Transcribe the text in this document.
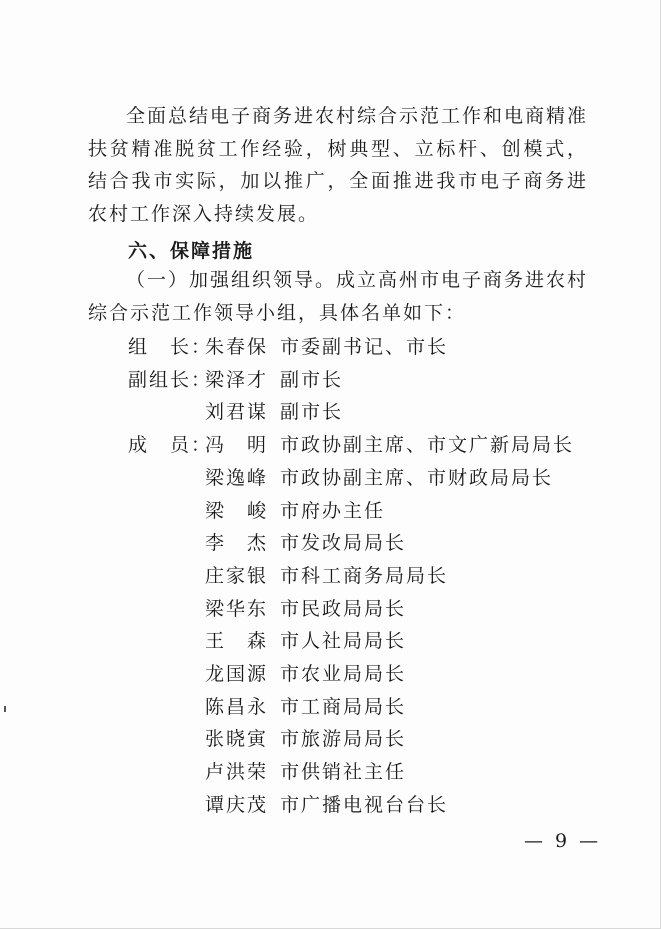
全面总结电子商务进农村综合示范工作和电商精准扶贫精准脱贫工作经验，树典型、立标杆、创模式，结合我市实际，加以推广，全面推进我市电子商务进农村工作深入持续发展。

六、保障措施

（一）加强组织领导。成立高州市电子商务进农村综合示范工作领导小组，具体名单如下：

组　长：
朱春保 市委副书记、市长
副组长：
梁泽才 副市长
刘君谋 副市长
成　员：
冯　明 市政协副主席、市文广新局局长
梁逸峰 市政协副主席、市财政局局长
梁　峻 市府办主任
李　杰 市发改局局长
庄家银 市科工商务局局长
梁华东 市民政局局长
王　森 市人社局局长
龙国源 市农业局局长
陈昌永 市工商局局长
张晓寅 市旅游局局长
卢洪荣 市供销社主任
谭庆茂 市广播电视台台长
— 9 —
